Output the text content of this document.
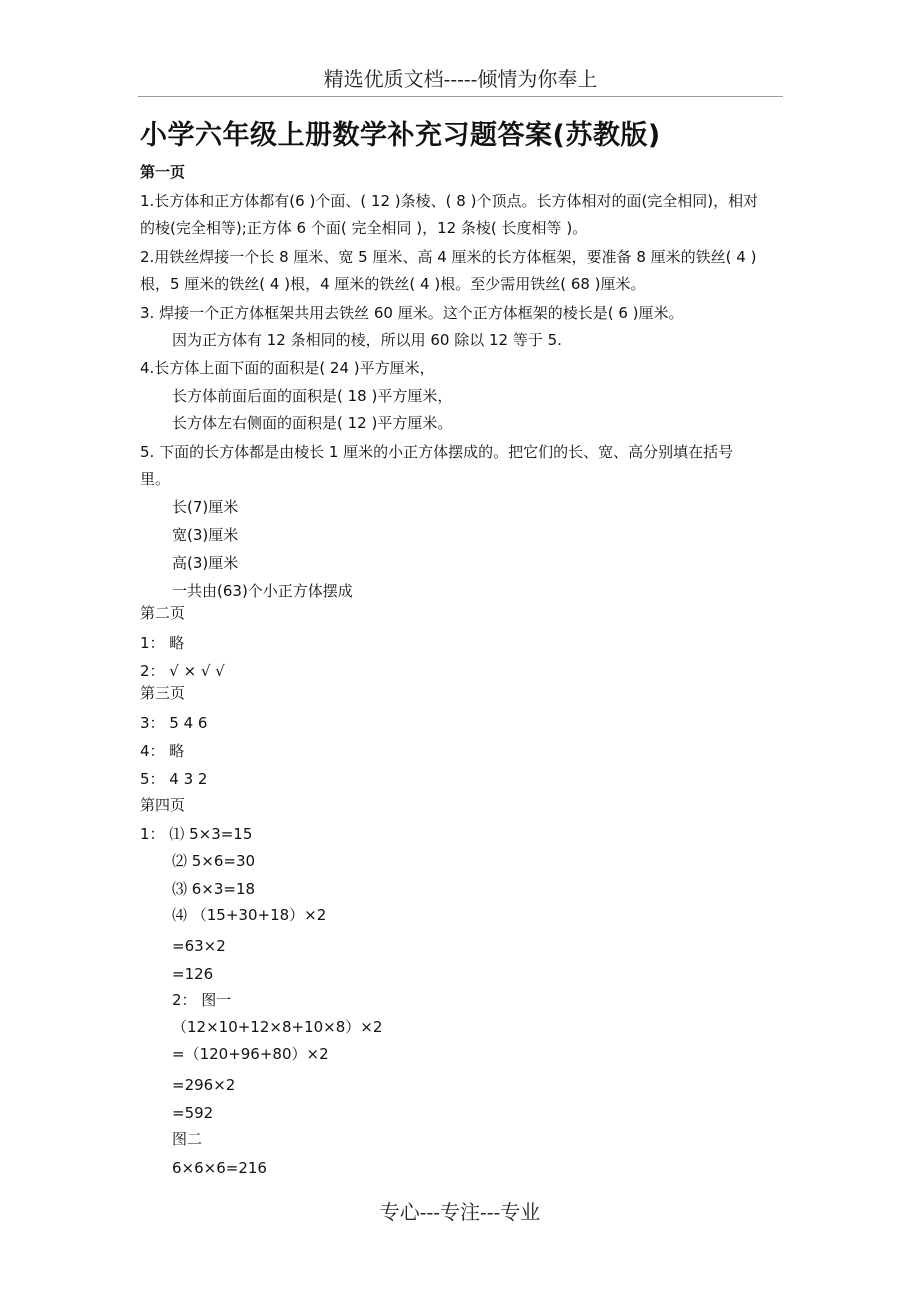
精选优质文档-----倾情为你奉上
小学六年级上册数学补充习题答案(苏教版)
第一页
1.长方体和正方体都有(6 )个面、( 12 )条棱、( 8 )个顶点。长方体相对的面(完全相同)，相对
的棱(完全相等);正方体 6 个面( 完全相同 )，12 条棱( 长度相等 )。
2.用铁丝焊接一个长 8 厘米、宽 5 厘米、高 4 厘米的长方体框架，要准备 8 厘米的铁丝( 4 )
根，5 厘米的铁丝( 4 )根，4 厘米的铁丝( 4 )根。至少需用铁丝( 68 )厘米。
3. 焊接一个正方体框架共用去铁丝 60 厘米。这个正方体框架的棱长是( 6 )厘米。
因为正方体有 12 条相同的棱，所以用 60 除以 12 等于 5.
4.长方体上面下面的面积是( 24 )平方厘米，
长方体前面后面的面积是( 18 )平方厘米，
长方体左右侧面的面积是( 12 )平方厘米。
5. 下面的长方体都是由棱长 1 厘米的小正方体摆成的。把它们的长、宽、高分别填在括号
里。
长(7)厘米
宽(3)厘米
高(3)厘米
一共由(63)个小正方体摆成
第二页
1： 略
2： √ × √ √
第三页
3： 5 4 6
4： 略
5： 4 3 2
第四页
1： ⑴ 5×3=15
⑵ 5×6=30
⑶ 6×3=18
⑷ （15+30+18）×2
=63×2
=126
2： 图一
（12×10+12×8+10×8）×2
=（120+96+80）×2
=296×2
=592
图二
6×6×6=216
专心---专注---专业
